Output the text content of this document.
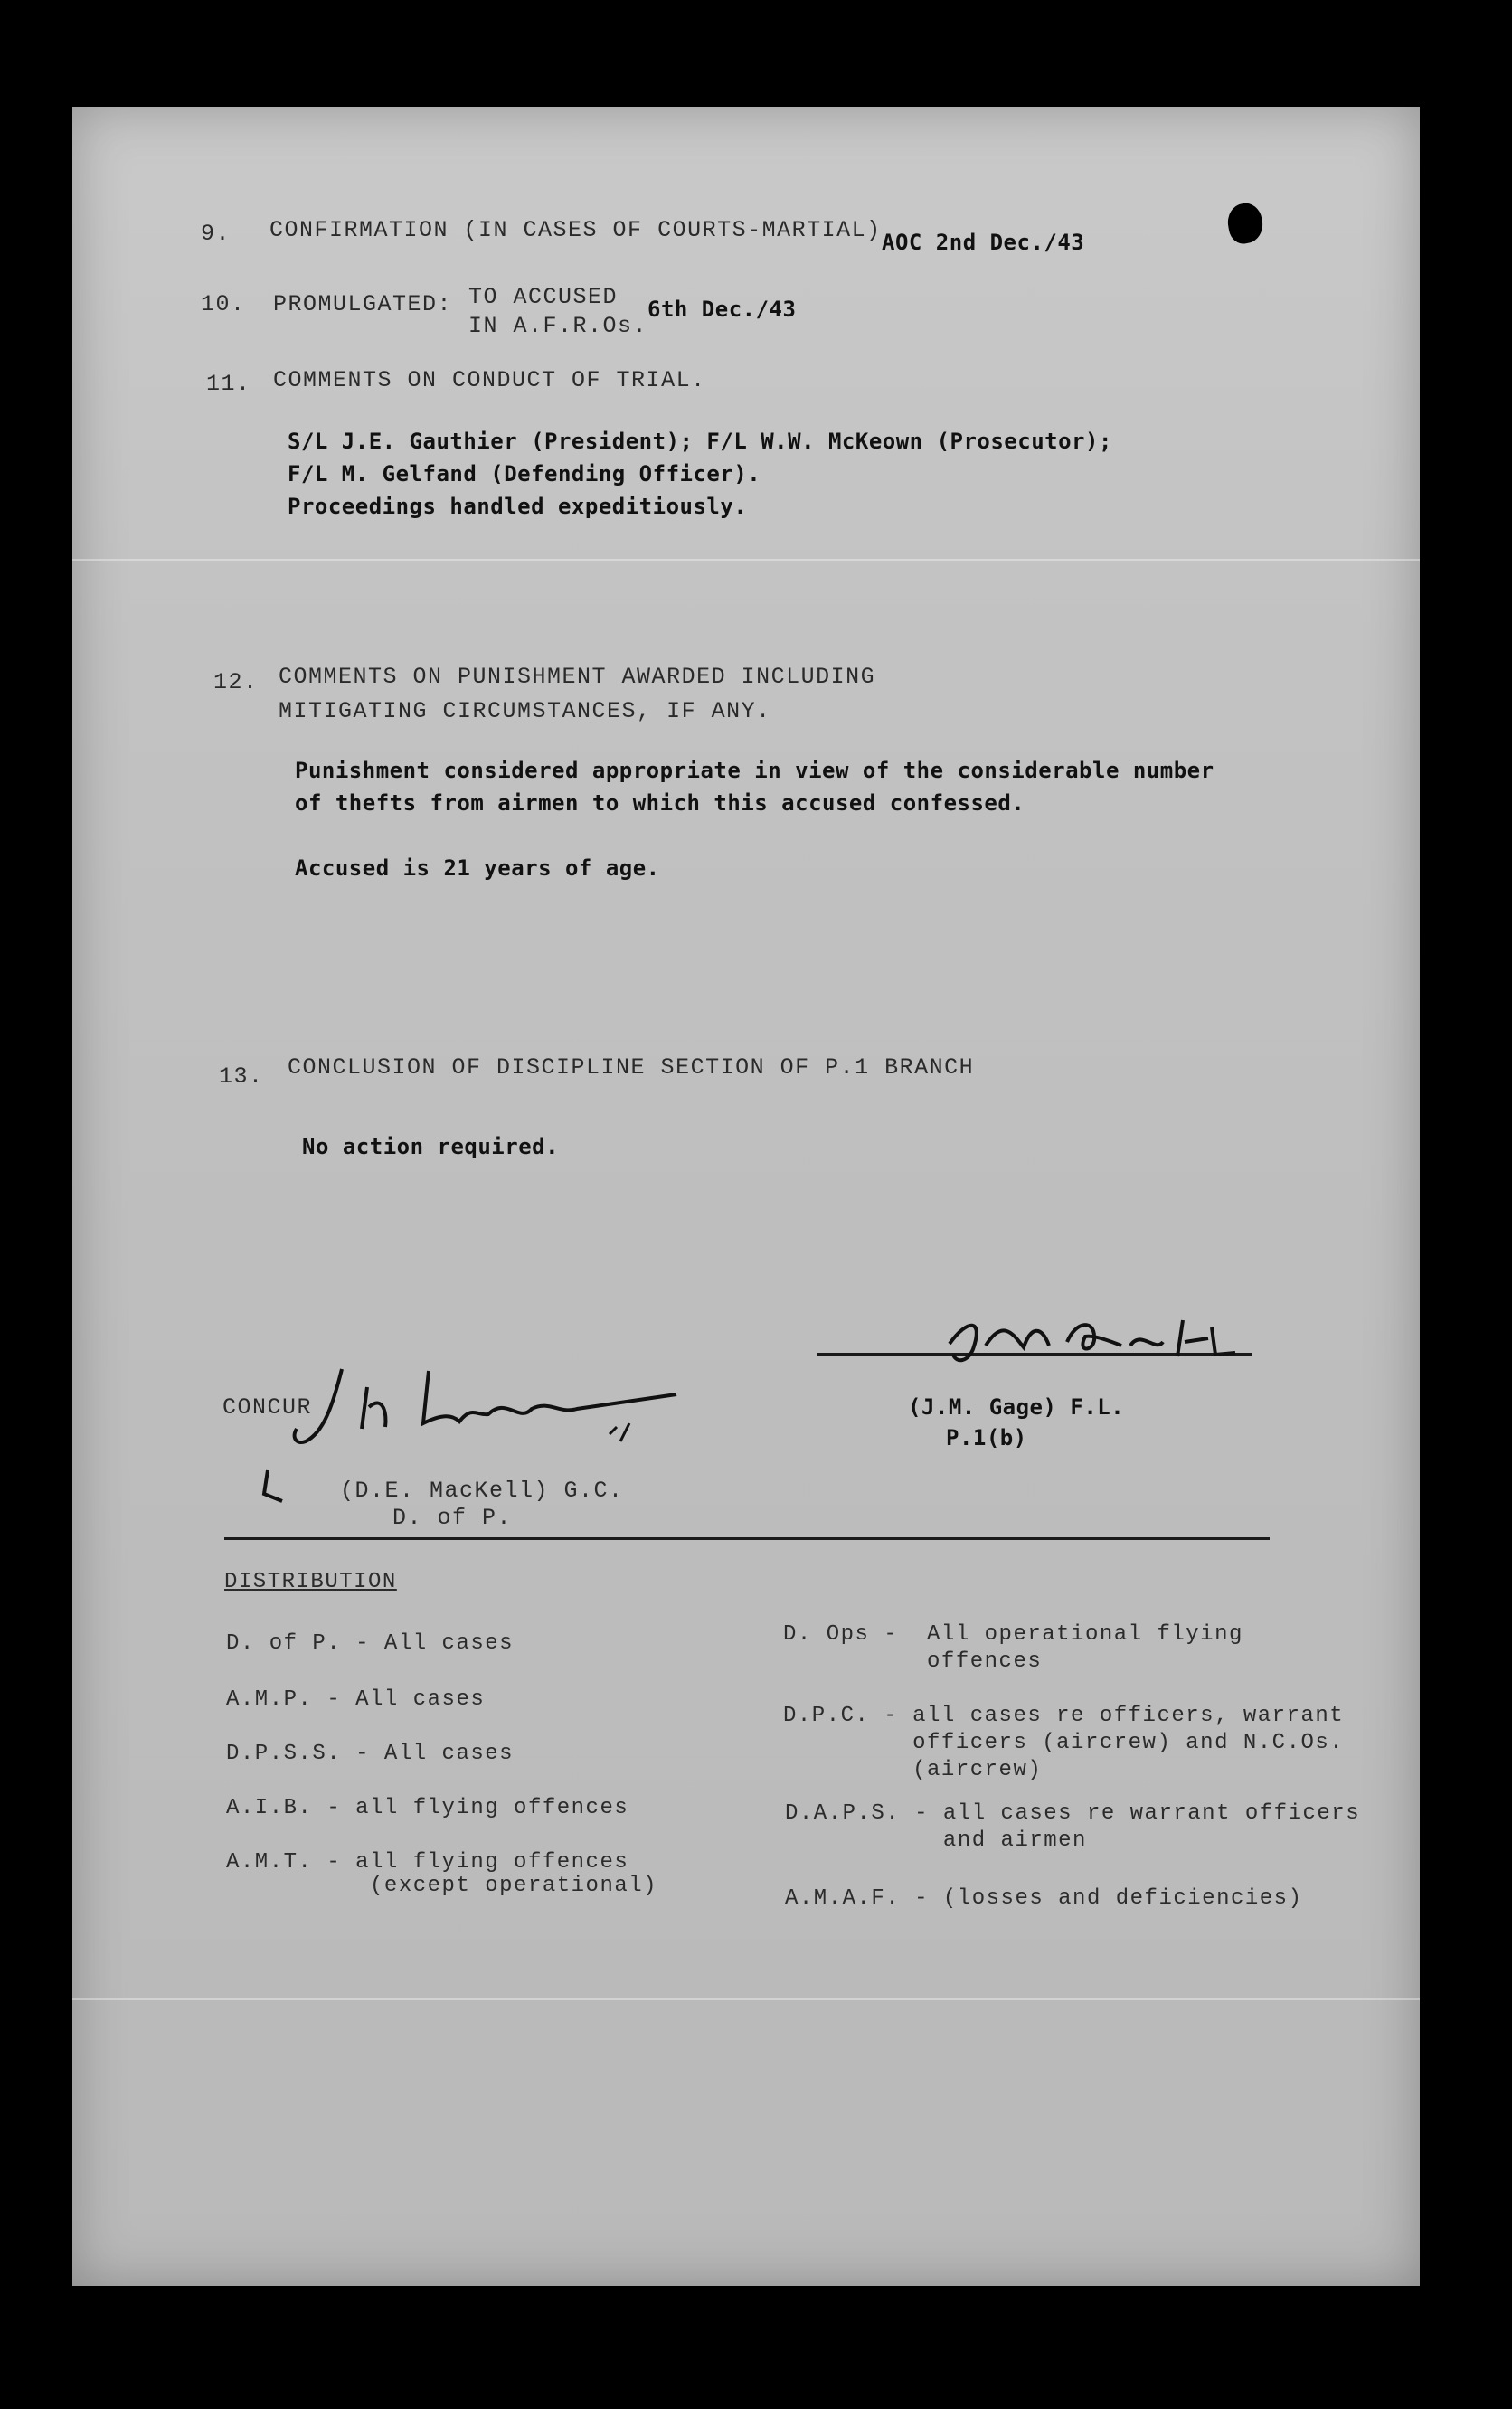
9. CONFIRMATION (IN CASES OF COURTS-MARTIAL) AOC 2nd Dec./43
10. PROMULGATED: TO ACCUSED
IN A.F.R.Os.
6th Dec./43
11. COMMENTS ON CONDUCT OF TRIAL.
S/L J.E. Gauthier (President); F/L W.W. McKeown (Prosecutor);
F/L M. Gelfand (Defending Officer).
Proceedings handled expeditiously.
12. COMMENTS ON PUNISHMENT AWARDED INCLUDING
MITIGATING CIRCUMSTANCES, IF ANY.
Punishment considered appropriate in view of the considerable number
of thefts from airmen to which this accused confessed.
Accused is 21 years of age.
13. CONCLUSION OF DISCIPLINE SECTION OF P.1 BRANCH
No action required.
(J.M. Gage) F.L.
P.1(b)
CONCUR
(D.E. MacKell) G.C.
D. of P.
DISTRIBUTION
D. of P. - All cases
A.M.P. - All cases
D.P.S.S. - All cases
A.I.B. - all flying offences
A.M.T. - all flying offences
(except operational)
D. Ops -  All operational flying
offences
D.P.C. - all cases re officers, warrant
officers (aircrew) and N.C.Os.
(aircrew)
D.A.P.S. - all cases re warrant officers
and airmen
A.M.A.F. - (losses and deficiencies)
